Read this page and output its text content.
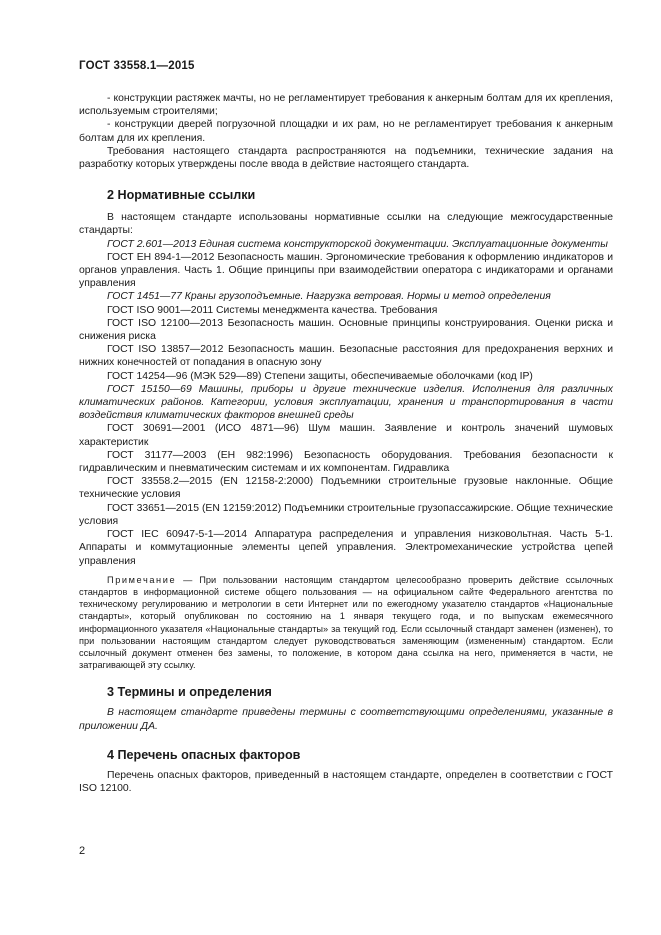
ГОСТ 33558.1—2015

- конструкции растяжек мачты, но не регламентирует требования к анкерным болтам для их крепления, используемым строителями;

- конструкции дверей погрузочной площадки и их рам, но не регламентирует требования к анкерным болтам для их крепления.

Требования настоящего стандарта распространяются на подъемники, технические задания на разработку которых утверждены после ввода в действие настоящего стандарта.

2 Нормативные ссылки

В настоящем стандарте использованы нормативные ссылки на следующие межгосударственные стандарты:

ГОСТ 2.601—2013 Единая система конструкторской документации. Эксплуатационные документы

ГОСТ EH 894-1—2012 Безопасность машин. Эргономические требования к оформлению индикаторов и органов управления. Часть 1. Общие принципы при взаимодействии оператора с индикаторами и органами управления

ГОСТ 1451—77 Краны грузоподъемные. Нагрузка ветровая. Нормы и метод определения

ГОСТ ISO 9001—2011 Системы менеджмента качества. Требования

ГОСТ ISO 12100—2013 Безопасность машин. Основные принципы конструирования. Оценки риска и снижения риска

ГОСТ ISO 13857—2012 Безопасность машин. Безопасные расстояния для предохранения верхних и нижних конечностей от попадания в опасную зону

ГОСТ 14254—96 (МЭК 529—89) Степени защиты, обеспечиваемые оболочками (код IP)

ГОСТ 15150—69 Машины, приборы и другие технические изделия. Исполнения для различных климатических районов. Категории, условия эксплуатации, хранения и транспортирования в части воздействия климатических факторов внешней среды

ГОСТ 30691—2001 (ИСО 4871—96) Шум машин. Заявление и контроль значений шумовых характеристик

ГОСТ 31177—2003 (EH 982:1996) Безопасность оборудования. Требования безопасности к гидравлическим и пневматическим системам и их компонентам. Гидравлика

ГОСТ 33558.2—2015 (EN 12158-2:2000) Подъемники строительные грузовые наклонные. Общие технические условия

ГОСТ 33651—2015 (EN 12159:2012) Подъемники строительные грузопассажирские. Общие технические условия

ГОСТ IEC 60947-5-1—2014 Аппаратура распределения и управления низковольтная. Часть 5-1. Аппараты и коммутационные элементы цепей управления. Электромеханические устройства цепей управления

Примечание — При пользовании настоящим стандартом целесообразно проверить действие ссылочных стандартов в информационной системе общего пользования — на официальном сайте Федерального агентства по техническому регулированию и метрологии в сети Интернет или по ежегодному указателю стандартов «Национальные стандарты», который опубликован по состоянию на 1 января текущего года, и по выпускам ежемесячного информационного указателя «Национальные стандарты» за текущий год. Если ссылочный стандарт заменен (изменен), то при пользовании настоящим стандартом следует руководствоваться заменяющим (измененным) стандартом. Если ссылочный документ отменен без замены, то положение, в котором дана ссылка на него, применяется в части, не затрагивающей эту ссылку.
3 Термины и определения

В настоящем стандарте приведены термины с соответствующими определениями, указанные в приложении ДА.

4 Перечень опасных факторов

Перечень опасных факторов, приведенный в настоящем стандарте, определен в соответствии с ГОСТ ISO 12100.

2
